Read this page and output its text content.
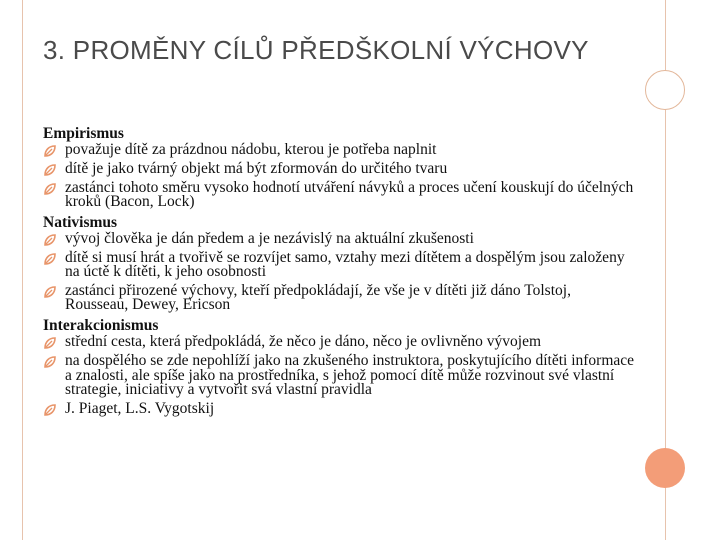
3. PROMĚNY CÍLŮ PŘEDŠKOLNÍ VÝCHOVY
Empirismus
považuje dítě za prázdnou nádobu, kterou je potřeba naplnit
dítě je jako tvárný objekt má být zformován do určitého tvaru
zastánci tohoto směru vysoko hodnotí utváření návyků a proces učení kouskují do účelných kroků (Bacon, Lock)
Nativismus
vývoj člověka je dán předem a je nezávislý na aktuální zkušenosti
dítě si musí hrát a tvořivě se rozvíjet samo, vztahy mezi dítětem a dospělým jsou založeny na úctě k dítěti, k jeho osobnosti
zastánci přirozené výchovy, kteří předpokládají, že vše je v dítěti již dáno Tolstoj, Rousseau, Dewey, Ericson
Interakcionismus
střední cesta, která předpokládá, že něco je dáno, něco je ovlivněno vývojem
na dospělého se zde nepohlíží jako na zkušeného instruktora, poskytujícího dítěti informace a znalosti, ale spíše jako na prostředníka, s jehož pomocí dítě může rozvinout své vlastní strategie, iniciativy a vytvořit svá vlastní pravidla
J. Piaget, L.S. Vygotskij
